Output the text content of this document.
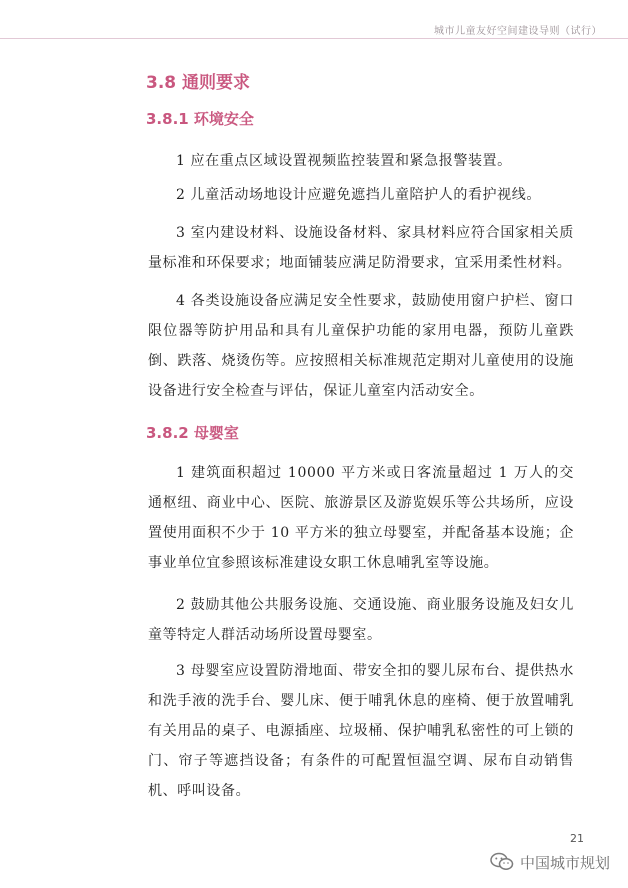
城市儿童友好空间建设导则（试行）
3.8 通则要求
3.8.1 环境安全

1 应在重点区域设置视频监控装置和紧急报警装置。

2 儿童活动场地设计应避免遮挡儿童陪护人的看护视线。

3 室内建设材料、设施设备材料、家具材料应符合国家相关质量标准和环保要求；地面铺装应满足防滑要求，宜采用柔性材料。

4 各类设施设备应满足安全性要求，鼓励使用窗户护栏、窗口限位器等防护用品和具有儿童保护功能的家用电器，预防儿童跌倒、跌落、烧烫伤等。应按照相关标准规范定期对儿童使用的设施设备进行安全检查与评估，保证儿童室内活动安全。

3.8.2 母婴室

1 建筑面积超过 10000 平方米或日客流量超过 1 万人的交通枢纽、商业中心、医院、旅游景区及游览娱乐等公共场所，应设置使用面积不少于 10 平方米的独立母婴室，并配备基本设施；企事业单位宜参照该标准建设女职工休息哺乳室等设施。

2 鼓励其他公共服务设施、交通设施、商业服务设施及妇女儿童等特定人群活动场所设置母婴室。

3 母婴室应设置防滑地面、带安全扣的婴儿尿布台、提供热水和洗手液的洗手台、婴儿床、便于哺乳休息的座椅、便于放置哺乳有关用品的桌子、电源插座、垃圾桶、保护哺乳私密性的可上锁的门、帘子等遮挡设备；有条件的可配置恒温空调、尿布自动销售机、呼叫设备。

21
中国城市规划
